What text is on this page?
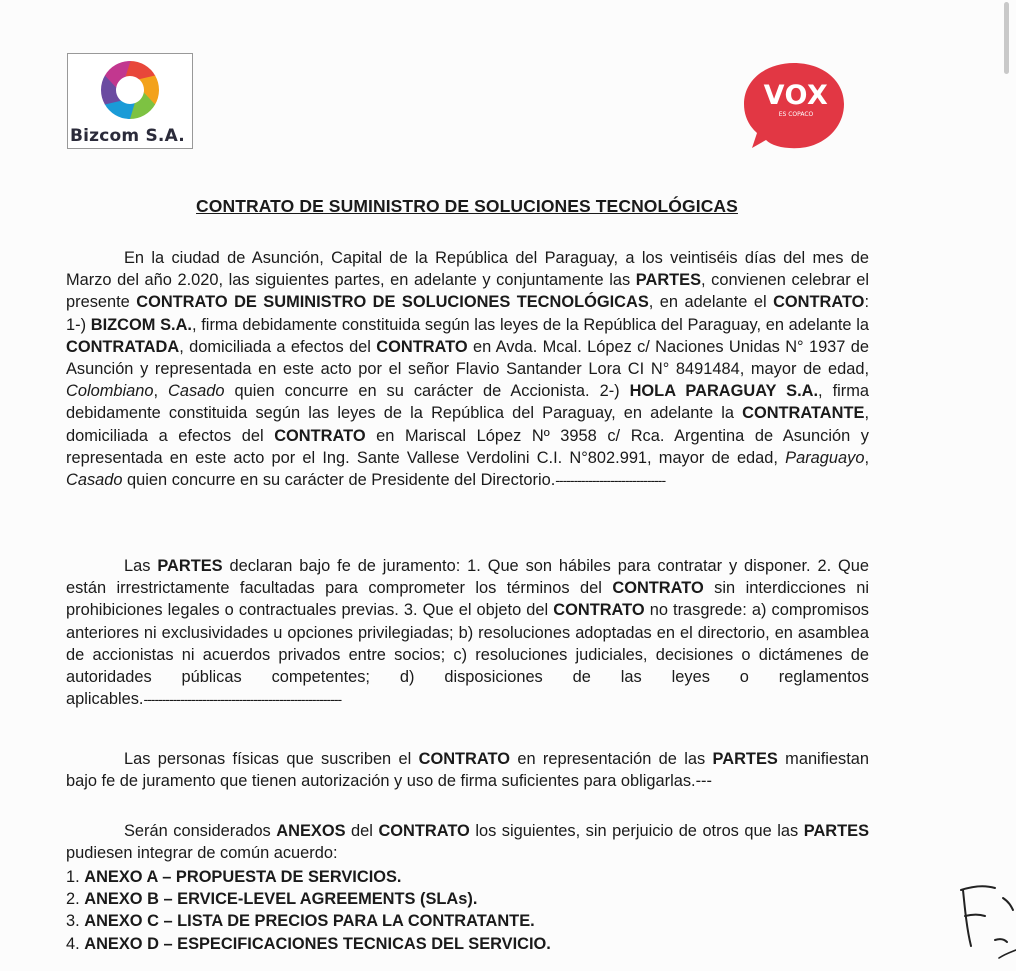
Bizcom S.A.
VOX
ES COPACO
CONTRATO DE SUMINISTRO DE SOLUCIONES TECNOLÓGICAS
En la ciudad de Asunción, Capital de la República del Paraguay, a los veintiséis días del mes de Marzo del año 2.020, las siguientes partes, en adelante y conjuntamente las PARTES, convienen celebrar el presente CONTRATO DE SUMINISTRO DE SOLUCIONES TECNOLÓGICAS, en adelante el CONTRATO: 1-) BIZCOM S.A., firma debidamente constituida según las leyes de la República del Paraguay, en adelante la CONTRATADA, domiciliada a efectos del CONTRATO en Avda. Mcal. López c/ Naciones Unidas N° 1937 de Asunción y representada en este acto por el señor Flavio Santander Lora CI N° 8491484, mayor de edad, Colombiano, Casado quien concurre en su carácter de Accionista. 2-) HOLA PARAGUAY S.A., firma debidamente constituida según las leyes de la República del Paraguay, en adelante la CONTRATANTE, domiciliada a efectos del CONTRATO en Mariscal López Nº 3958 c/ Rca. Argentina de Asunción y representada en este acto por el Ing. Sante Vallese Verdolini C.I. N°802.991, mayor de edad, Paraguayo, Casado quien concurre en su carácter de Presidente del Directorio.------------------------------
Las PARTES declaran bajo fe de juramento: 1. Que son hábiles para contratar y disponer. 2. Que están irrestrictamente facultadas para comprometer los términos del CONTRATO sin interdicciones ni prohibiciones legales o contractuales previas. 3. Que el objeto del CONTRATO no trasgrede: a) compromisos anteriores ni exclusividades u opciones privilegiadas; b) resoluciones adoptadas en el directorio, en asamblea de accionistas ni acuerdos privados entre socios; c) resoluciones judiciales, decisiones o dictámenes de autoridades públicas competentes; d) disposiciones de las leyes o reglamentos aplicables.------------------------------------------------------
Las personas físicas que suscriben el CONTRATO en representación de las PARTES manifiestan bajo fe de juramento que tienen autorización y uso de firma suficientes para obligarlas.---
Serán considerados ANEXOS del CONTRATO los siguientes, sin perjuicio de otros que las PARTES pudiesen integrar de común acuerdo:
1. ANEXO A – PROPUESTA DE SERVICIOS.
2. ANEXO B – ERVICE-LEVEL AGREEMENTS (SLAs).
3. ANEXO C – LISTA DE PRECIOS PARA LA CONTRATANTE.
4. ANEXO D – ESPECIFICACIONES TECNICAS DEL SERVICIO.
